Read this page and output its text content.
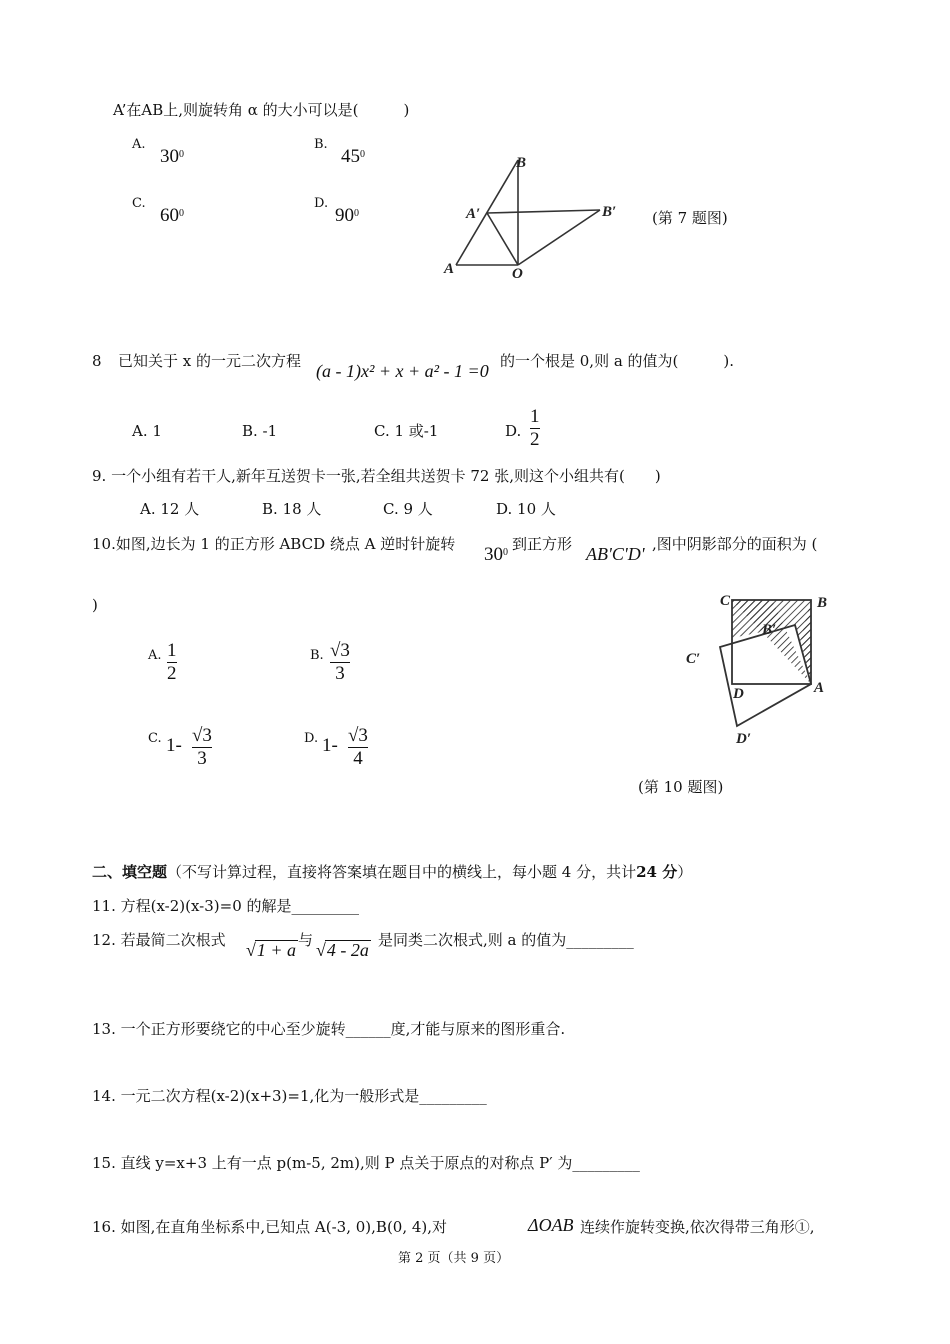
A’在AB上,则旋转角 α 的大小可以是(　　　)
A.
$30^0$
B.
$45^0$
C.
$60^0$
D.
$90^0$
B
A′	B′
A	O
(第 7 题图)
8 已知关于 x 的一元二次方程 (a - 1)x² + x + a² - 1 =0 的一个根是 0,则 a 的值为(　　　).
A. 1	B. -1	C. 1 或-1	D.
1
2
9. 一个小组有若干人,新年互送贺卡一张,若全组共送贺卡 72 张,则这个小组共有(　　)
A. 12 人	B. 18 人	C. 9 人	D. 10 人
10.如图,边长为 1 的正方形 ABCD 绕点 A 逆时针旋转 $30^0$ 到正方形 AB'C'D' ,图中阴影部分的面积为 (
)
A. 1
2
B. √3
3
C. 1- √3
3
D. 1- √3
4
C	B
B′
C′
D	A
D′
(第 10 题图)
二、填空题（不写计算过程，直接将答案填在题目中的横线上，每小题 4 分，共计24 分）
11. 方程(x-2)(x-3)=0 的解是_________
12. 若最简二次根式 √1 + a 与 √4 - 2a 是同类二次根式,则 a 的值为_________
13. 一个正方形要绕它的中心至少旋转______度,才能与原来的图形重合.
14. 一元二次方程(x-2)(x+3)=1,化为一般形式是_________
15. 直线 y=x+3 上有一点 p(m-5, 2m),则 P 点关于原点的对称点 P′ 为_________
16. 如图,在直角坐标系中,已知点 A(-3, 0),B(0, 4),对	ΔOAB 连续作旋转变换,依次得带三角形①,
第 2 页（共 9 页）
